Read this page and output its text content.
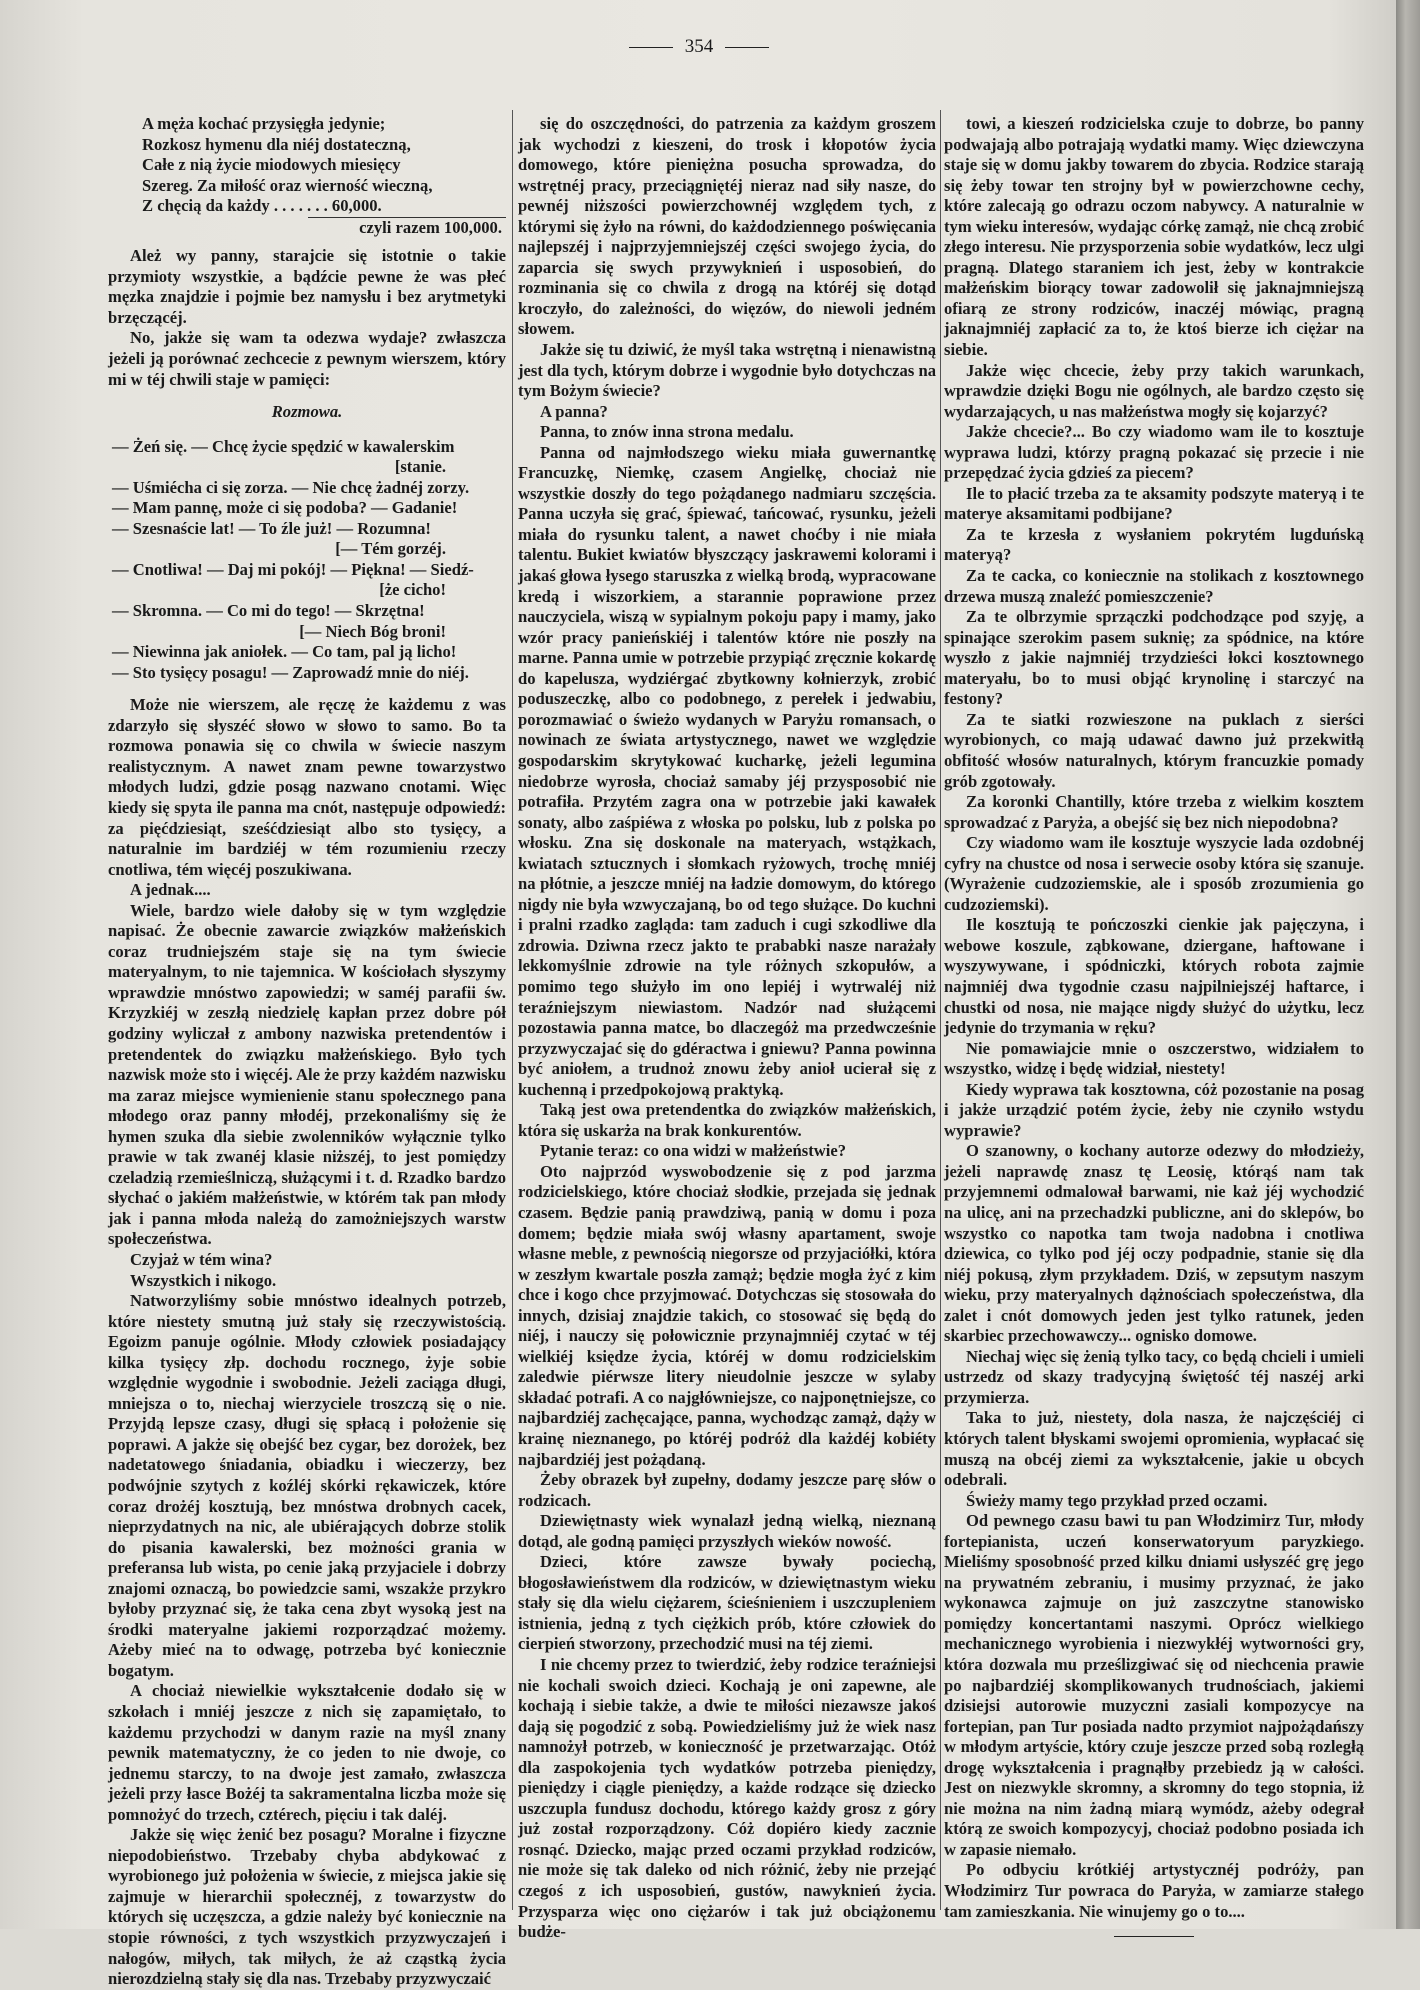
354
A męża kochać przysięgła jedynie;
Rozkosz hymenu dla niéj dostateczną,
Całe z nią życie miodowych miesięcy
Szereg. Za miłość oraz wierność wieczną,
Z chęcią da każdy . . . . . . . 60,000.
czyli razem 100,000.

Ależ wy panny, starajcie się istotnie o takie przymioty wszystkie, a bądźcie pewne że was płeć męzka znajdzie i pojmie bez namysłu i bez arytmetyki brzęczącéj.

No, jakże się wam ta odezwa wydaje? zwłaszcza jeżeli ją porównać zechcecie z pewnym wierszem, który mi w téj chwili staje w pamięci:

Rozmowa.
— Żeń się. — Chcę życie spędzić w kawalerskim
[stanie.
— Uśmiécha ci się zorza. — Nie chcę żadnéj zorzy.
— Mam pannę, może ci się podoba? — Gadanie!
— Szesnaście lat! — To źle już! — Rozumna!
[— Tém gorzéj.
— Cnotliwa! — Daj mi pokój! — Piękna! — Siedź-
[że cicho!
— Skromna. — Co mi do tego! — Skrzętna!
[— Niech Bóg broni!
— Niewinna jak aniołek. — Co tam, pal ją licho!
— Sto tysięcy posagu! — Zaprowadź mnie do niéj.

Może nie wierszem, ale ręczę że każdemu z was zdarzyło się słyszéć słowo w słowo to samo. Bo ta rozmowa ponawia się co chwila w świecie naszym realistycznym. A nawet znam pewne towarzystwo młodych ludzi, gdzie posąg nazwano cnotami. Więc kiedy się spyta ile panna ma cnót, następuje odpowiedź: za pięćdziesiąt, sześćdziesiąt albo sto tysięcy, a naturalnie im bardziéj w tém rozumieniu rzeczy cnotliwa, tém więcéj poszukiwana.

A jednak....

Wiele, bardzo wiele dałoby się w tym względzie napisać. Że obecnie zawarcie związków małżeńskich coraz trudniejszém staje się na tym świecie materyalnym, to nie tajemnica. W kościołach słyszymy wprawdzie mnóstwo zapowiedzi; w saméj parafii św. Krzyzkiéj w zeszłą niedzielę kapłan przez dobre pół godziny wyliczał z ambony nazwiska pretendentów i pretendentek do związku małżeńskiego. Było tych nazwisk może sto i więcéj. Ale że przy każdém nazwisku ma zaraz miejsce wymienienie stanu społecznego pana młodego oraz panny młodéj, przekonaliśmy się że hymen szuka dla siebie zwolenników wyłącznie tylko prawie w tak zwanéj klasie niższéj, to jest pomiędzy czeladzią rzemieślniczą, służącymi i t. d. Rzadko bardzo słychać o jakiém małżeństwie, w którém tak pan młody jak i panna młoda należą do zamożniejszych warstw społeczeństwa.

Czyjaż w tém wina?

Wszystkich i nikogo.

Natworzyliśmy sobie mnóstwo idealnych potrzeb, które niestety smutną już stały się rzeczywistością. Egoizm panuje ogólnie. Młody człowiek posiadający kilka tysięcy złp. dochodu rocznego, żyje sobie względnie wygodnie i swobodnie. Jeżeli zaciąga długi, mniejsza o to, niechaj wierzyciele troszczą się o nie. Przyjdą lepsze czasy, długi się spłacą i położenie się poprawi. A jakże się obejść bez cygar, bez dorożek, bez nadetatowego śniadania, obiadku i wieczerzy, bez podwójnie szytych z koźléj skórki rękawiczek, które coraz drożéj kosztują, bez mnóstwa drobnych cacek, nieprzydatnych na nic, ale ubiérających dobrze stolik do pisania kawalerski, bez możności grania w preferansa lub wista, po cenie jaką przyjaciele i dobrzy znajomi oznaczą, bo powiedzcie sami, wszakże przykro byłoby przyznać się, że taka cena zbyt wysoką jest na środki materyalne jakiemi rozporządzać możemy. Ażeby mieć na to odwagę, potrzeba być koniecznie bogatym.

A chociaż niewielkie wykształcenie dodało się w szkołach i mniéj jeszcze z nich się zapamiętało, to każdemu przychodzi w danym razie na myśl znany pewnik matematyczny, że co jeden to nie dwoje, co jednemu starczy, to na dwoje jest zamało, zwłaszcza jeżeli przy łasce Bożéj ta sakramentalna liczba może się pomnożyć do trzech, cztérech, pięciu i tak daléj.

Jakże się więc żenić bez posagu? Moralne i fizyczne niepodobieństwo. Trzebaby chyba abdykować z wyrobionego już położenia w świecie, z miejsca jakie się zajmuje w hierarchii społecznéj, z towarzystw do których się uczęszcza, a gdzie należy być koniecznie na stopie równości, z tych wszystkich przyzwyczajeń i nałogów, miłych, tak miłych, że aż cząstką życia nierozdzielną stały się dla nas. Trzebaby przyzwyczaić

się do oszczędności, do patrzenia za każdym groszem jak wychodzi z kieszeni, do trosk i kłopotów życia domowego, które pieniężna posucha sprowadza, do wstrętnéj pracy, przeciągniętéj nieraz nad siły nasze, do pewnéj niższości powierzchownéj względem tych, z którymi się żyło na równi, do każdodziennego poświęcania najlepszéj i najprzyjemniejszéj części swojego życia, do zaparcia się swych przywyknień i usposobień, do rozminania się co chwila z drogą na któréj się dotąd kroczyło, do zależności, do więzów, do niewoli jedném słowem.

Jakże się tu dziwić, że myśl taka wstrętną i nienawistną jest dla tych, którym dobrze i wygodnie było dotychczas na tym Bożym świecie?

A panna?

Panna, to znów inna strona medalu.

Panna od najmłodszego wieku miała guwernantkę Francuzkę, Niemkę, czasem Angielkę, chociaż nie wszystkie doszły do tego pożądanego nadmiaru szczęścia. Panna uczyła się grać, śpiewać, tańcować, rysunku, jeżeli miała do rysunku talent, a nawet choćby i nie miała talentu. Bukiet kwiatów błyszczący jaskrawemi kolorami i jakaś głowa łysego staruszka z wielką brodą, wypracowane kredą i wiszorkiem, a starannie poprawione przez nauczyciela, wiszą w sypialnym pokoju papy i mamy, jako wzór pracy panieńskiéj i talentów które nie poszły na marne. Panna umie w potrzebie przypiąć zręcznie kokardę do kapelusza, wydziérgać zbytkowny kołnierzyk, zrobić poduszeczkę, albo co podobnego, z perełek i jedwabiu, porozmawiać o świeżo wydanych w Paryżu romansach, o nowinach ze świata artystycznego, nawet we względzie gospodarskim skrytykować kucharkę, jeżeli legumina niedobrze wyrosła, chociaż samaby jéj przysposobić nie potrafiła. Przytém zagra ona w potrzebie jaki kawałek sonaty, albo zaśpiéwa z włoska po polsku, lub z polska po włosku. Zna się doskonale na materyach, wstążkach, kwiatach sztucznych i słomkach ryżowych, trochę mniéj na płótnie, a jeszcze mniéj na ładzie domowym, do którego nigdy nie była wzwyczajaną, bo od tego służące. Do kuchni i pralni rzadko zagląda: tam zaduch i cugi szkodliwe dla zdrowia. Dziwna rzecz jakto te prababki nasze narażały lekkomyślnie zdrowie na tyle różnych szkopułów, a pomimo tego służyło im ono lepiéj i wytrwaléj niż teraźniejszym niewiastom. Nadzór nad służącemi pozostawia panna matce, bo dlaczegóż ma przedwcześnie przyzwyczajać się do gdéractwa i gniewu? Panna powinna być aniołem, a trudnoż znowu żeby anioł ucierał się z kuchenną i przedpokojową praktyką.

Taką jest owa pretendentka do związków małżeńskich, która się uskarża na brak konkurentów.

Pytanie teraz: co ona widzi w małżeństwie?

Oto najprzód wyswobodzenie się z pod jarzma rodzicielskiego, które chociaż słodkie, przejada się jednak czasem. Będzie panią prawdziwą, panią w domu i poza domem; będzie miała swój własny apartament, swoje własne meble, z pewnością niegorsze od przyjaciółki, która w zeszłym kwartale poszła zamąż; będzie mogła żyć z kim chce i kogo chce przyjmować. Dotychczas się stosowała do innych, dzisiaj znajdzie takich, co stosować się będą do niéj, i nauczy się połowicznie przynajmniéj czytać w téj wielkiéj księdze życia, któréj w domu rodzicielskim zaledwie piérwsze litery nieudolnie jeszcze w sylaby składać potrafi. A co najgłówniejsze, co najponętniejsze, co najbardziéj zachęcające, panna, wychodząc zamąż, dąży w krainę nieznanego, po któréj podróż dla każdéj kobiéty najbardziéj jest pożądaną.

Żeby obrazek był zupełny, dodamy jeszcze parę słów o rodzicach.

Dziewiętnasty wiek wynalazł jedną wielką, nieznaną dotąd, ale godną pamięci przyszłych wieków nowość.

Dzieci, które zawsze bywały pociechą, błogosławieństwem dla rodziców, w dziewiętnastym wieku stały się dla wielu ciężarem, ścieśnieniem i uszczupleniem istnienia, jedną z tych ciężkich prób, które człowiek do cierpień stworzony, przechodzić musi na téj ziemi.

I nie chcemy przez to twierdzić, żeby rodzice teraźniejsi nie kochali swoich dzieci. Kochają je oni zapewne, ale kochają i siebie także, a dwie te miłości niezawsze jakoś dają się pogodzić z sobą. Powiedzieliśmy już że wiek nasz namnożył potrzeb, w konieczność je przetwarzając. Otóż dla zaspokojenia tych wydatków potrzeba pieniędzy, pieniędzy i ciągle pieniędzy, a każde rodzące się dziecko uszczupla fundusz dochodu, którego każdy grosz z góry już został rozporządzony. Cóż dopiéro kiedy zacznie rosnąć. Dziecko, mając przed oczami przykład rodziców, nie może się tak daleko od nich różnić, żeby nie przejąć czegoś z ich usposobień, gustów, nawyknień życia. Przysparza więc ono ciężarów i tak już obciążonemu budże-

towi, a kieszeń rodzicielska czuje to dobrze, bo panny podwajają albo potrajają wydatki mamy. Więc dziewczyna staje się w domu jakby towarem do zbycia. Rodzice starają się żeby towar ten strojny był w powierzchowne cechy, które zalecają go odrazu oczom nabywcy. A naturalnie w tym wieku interesów, wydając córkę zamąż, nie chcą zrobić złego interesu. Nie przysporzenia sobie wydatków, lecz ulgi pragną. Dlatego staraniem ich jest, żeby w kontrakcie małżeńskim biorący towar zadowolił się jaknajmniejszą ofiarą ze strony rodziców, inaczéj mówiąc, pragną jaknajmniéj zapłacić za to, że ktoś bierze ich ciężar na siebie.

Jakże więc chcecie, żeby przy takich warunkach, wprawdzie dzięki Bogu nie ogólnych, ale bardzo często się wydarzających, u nas małżeństwa mogły się kojarzyć?

Jakże chcecie?... Bo czy wiadomo wam ile to kosztuje wyprawa ludzi, którzy pragną pokazać się przecie i nie przepędzać życia gdzieś za piecem?

Ile to płacić trzeba za te aksamity podszyte materyą i te materye aksamitami podbijane?

Za te krzesła z wysłaniem pokrytém lugduńską materyą?

Za te cacka, co koniecznie na stolikach z kosztownego drzewa muszą znaleźć pomieszczenie?

Za te olbrzymie sprzączki podchodzące pod szyję, a spinające szerokim pasem suknię; za spódnice, na które wyszło z jakie najmniéj trzydzieści łokci kosztownego materyału, bo to musi objąć krynolinę i starczyć na festony?

Za te siatki rozwieszone na puklach z sierści wyrobionych, co mają udawać dawno już przekwitłą obfitość włosów naturalnych, którym francuzkie pomady grób zgotowały.

Za koronki Chantilly, które trzeba z wielkim kosztem sprowadzać z Paryża, a obejść się bez nich niepodobna?

Czy wiadomo wam ile kosztuje wyszycie lada ozdobnéj cyfry na chustce od nosa i serwecie osoby która się szanuje. (Wyrażenie cudzoziemskie, ale i sposób zrozumienia go cudzoziemski).

Ile kosztują te pończoszki cienkie jak pajęczyna, i webowe koszule, ząbkowane, dziergane, haftowane i wyszywywane, i spódniczki, których robota zajmie najmniéj dwa tygodnie czasu najpilniejszéj haftarce, i chustki od nosa, nie mające nigdy służyć do użytku, lecz jedynie do trzymania w ręku?

Nie pomawiajcie mnie o oszczerstwo, widziałem to wszystko, widzę i będę widział, niestety!

Kiedy wyprawa tak kosztowna, cóż pozostanie na posag i jakże urządzić potém życie, żeby nie czyniło wstydu wyprawie?

O szanowny, o kochany autorze odezwy do młodzieży, jeżeli naprawdę znasz tę Leosię, którąś nam tak przyjemnemi odmalował barwami, nie każ jéj wychodzić na ulicę, ani na przechadzki publiczne, ani do sklepów, bo wszystko co napotka tam twoja nadobna i cnotliwa dziewica, co tylko pod jéj oczy podpadnie, stanie się dla niéj pokusą, złym przykładem. Dziś, w zepsutym naszym wieku, przy materyalnych dążnościach społeczeństwa, dla zalet i cnót domowych jeden jest tylko ratunek, jeden skarbiec przechowawczy... ognisko domowe.

Niechaj więc się żenią tylko tacy, co będą chcieli i umieli ustrzedz od skazy tradycyjną świętość téj naszéj arki przymierza.

Taka to już, niestety, dola nasza, że najczęściéj ci których talent błyskami swojemi opromienia, wypłacać się muszą na obcéj ziemi za wykształcenie, jakie u obcych odebrali.

Świeży mamy tego przykład przed oczami.

Od pewnego czasu bawi tu pan Włodzimirz Tur, młody fortepianista, uczeń konserwatoryum paryzkiego. Mieliśmy sposobność przed kilku dniami usłyszéć grę jego na prywatném zebraniu, i musimy przyznać, że jako wykonawca zajmuje on już zaszczytne stanowisko pomiędzy koncertantami naszymi. Oprócz wielkiego mechanicznego wyrobienia i niezwykłéj wytworności gry, która dozwala mu prześlizgiwać się od niechcenia prawie po najbardziéj skomplikowanych trudnościach, jakiemi dzisiejsi autorowie muzyczni zasiali kompozycye na fortepian, pan Tur posiada nadto przymiot najpożądańszy w młodym artyście, który czuje jeszcze przed sobą rozległą drogę wykształcenia i pragnąłby przebiedz ją w całości. Jest on niezwykle skromny, a skromny do tego stopnia, iż nie można na nim żadną miarą wymódz, ażeby odegrał którą ze swoich kompozycyj, chociaż podobno posiada ich w zapasie niemało.

Po odbyciu krótkiéj artystycznéj podróży, pan Włodzimirz Tur powraca do Paryża, w zamiarze stałego tam zamieszkania. Nie winujemy go o to....
